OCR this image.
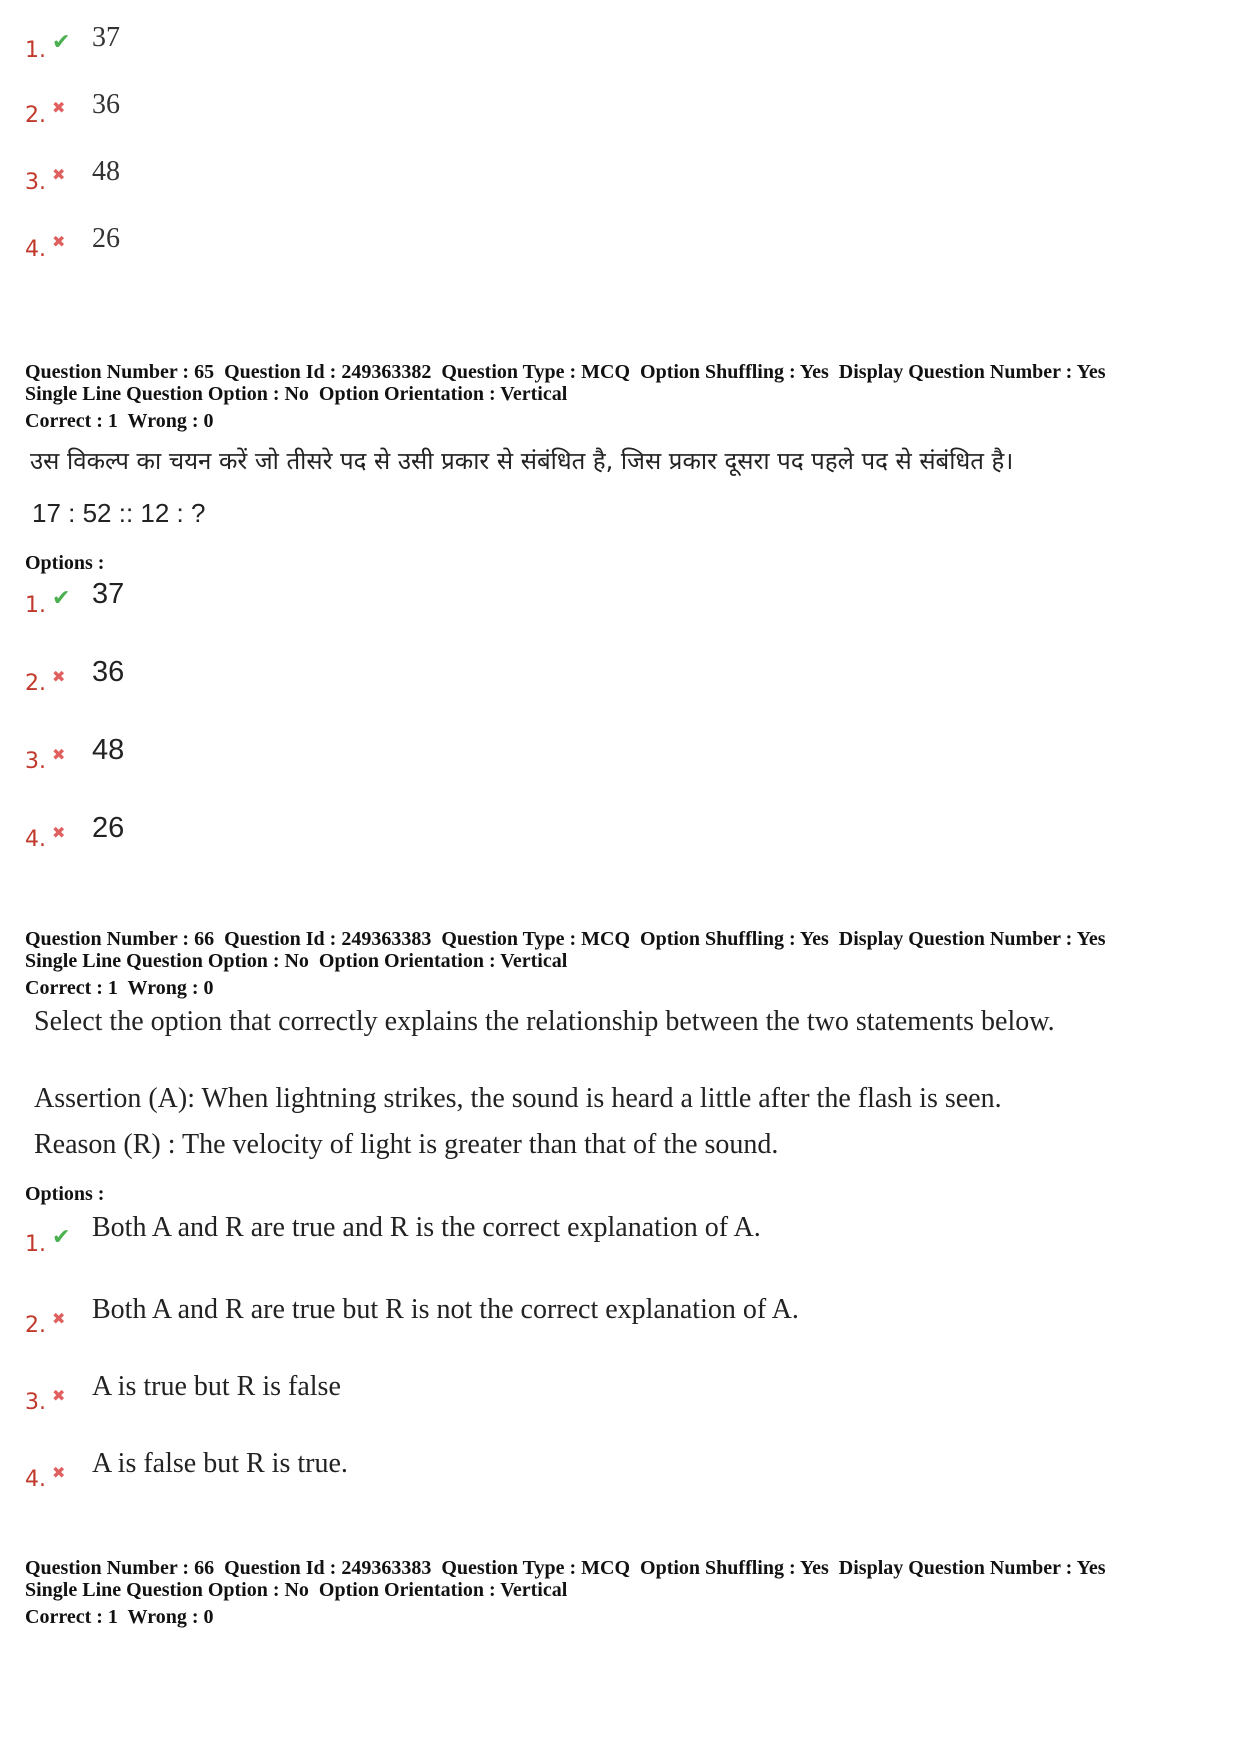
1. ✔ 37
2. ✖ 36
3. ✖ 48
4. ✖ 26
Question Number : 65  Question Id : 249363382  Question Type : MCQ  Option Shuffling : Yes  Display Question Number : Yes
Single Line Question Option : No  Option Orientation : Vertical
Correct : 1  Wrong : 0
उस विकल्प का चयन करें जो तीसरे पद से उसी प्रकार से संबंधित है, जिस प्रकार दूसरा पद पहले पद से संबंधित है।
17 : 52 :: 12 : ?
Options :
1. ✔ 37
2. ✖ 36
3. ✖ 48
4. ✖ 26
Question Number : 66  Question Id : 249363383  Question Type : MCQ  Option Shuffling : Yes  Display Question Number : Yes
Single Line Question Option : No  Option Orientation : Vertical
Correct : 1  Wrong : 0
Select the option that correctly explains the relationship between the two statements below.
Assertion (A): When lightning strikes, the sound is heard a little after the flash is seen.
Reason (R) : The velocity of light is greater than that of the sound.
Options :
1. ✔ Both A and R are true and R is the correct explanation of A.
2. ✖ Both A and R are true but R is not the correct explanation of A.
3. ✖ A is true but R is false
4. ✖ A is false but R is true.
Question Number : 66  Question Id : 249363383  Question Type : MCQ  Option Shuffling : Yes  Display Question Number : Yes
Single Line Question Option : No  Option Orientation : Vertical
Correct : 1  Wrong : 0
